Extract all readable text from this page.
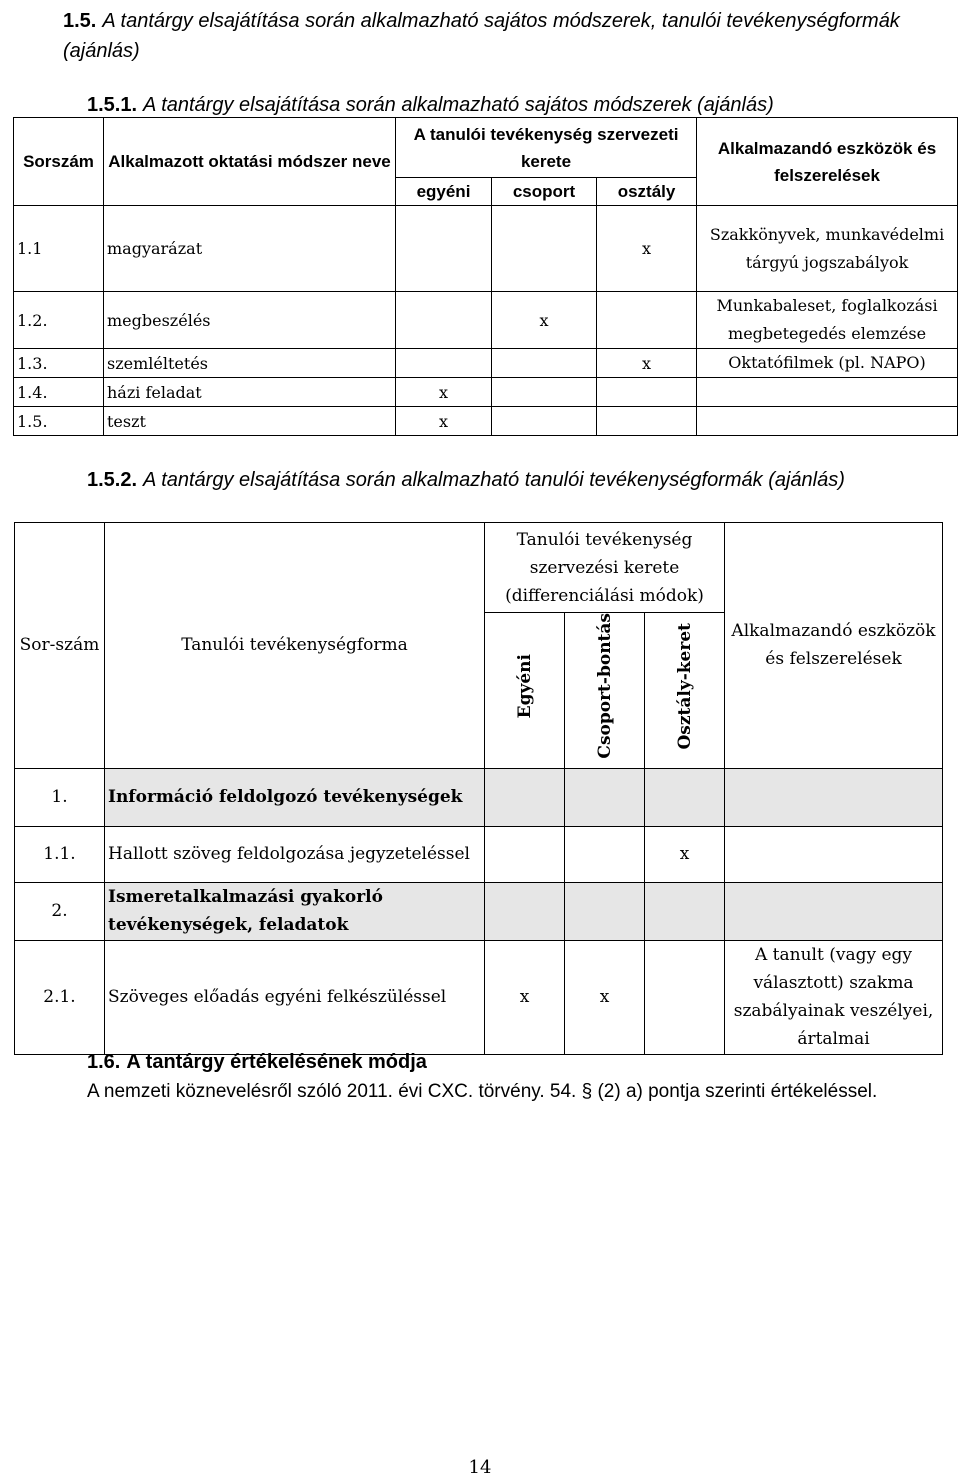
1.5. A tantárgy elsajátítása során alkalmazható sajátos módszerek, tanulói tevékenységformák (ajánlás)
1.5.1. A tantárgy elsajátítása során alkalmazható sajátos módszerek (ajánlás)
Sorszám	Alkalmazott oktatási módszer neve	A tanulói tevékenység szervezeti kerete			Alkalmazandó eszközök és felszerelések
		egyéni	csoport	osztály	
1.1	magyarázat			x	Szakkönyvek, munkavédelmi tárgyú jogszabályok
1.2.	megbeszélés		x		Munkabaleset, foglalkozási megbetegedés elemzése
1.3.	szemléltetés			x	Oktatófilmek (pl. NAPO)
1.4.	házi feladat	x			
1.5.	teszt	x			
1.5.2. A tantárgy elsajátítása során alkalmazható tanulói tevékenységformák (ajánlás)
Sor-szám	Tanulói tevékenységforma	Tanulói tevékenység szervezési kerete (differenciálási módok)			Alkalmazandó eszközök és felszerelések
		Egyéni	Csoport-bontás	Osztály-keret	
1.	Információ feldolgozó tevékenységek				
1.1.	Hallott szöveg feldolgozása jegyzeteléssel			x	
2.	Ismeretalkalmazási gyakorló tevékenységek, feladatok				
2.1.	Szöveges előadás egyéni felkészüléssel	x	x		A tanult (vagy egy választott) szakma szabályainak veszélyei, ártalmai
1.6. A tantárgy értékelésének módja
A nemzeti köznevelésről szóló 2011. évi CXC. törvény. 54. § (2) a) pontja szerinti értékeléssel.
14
